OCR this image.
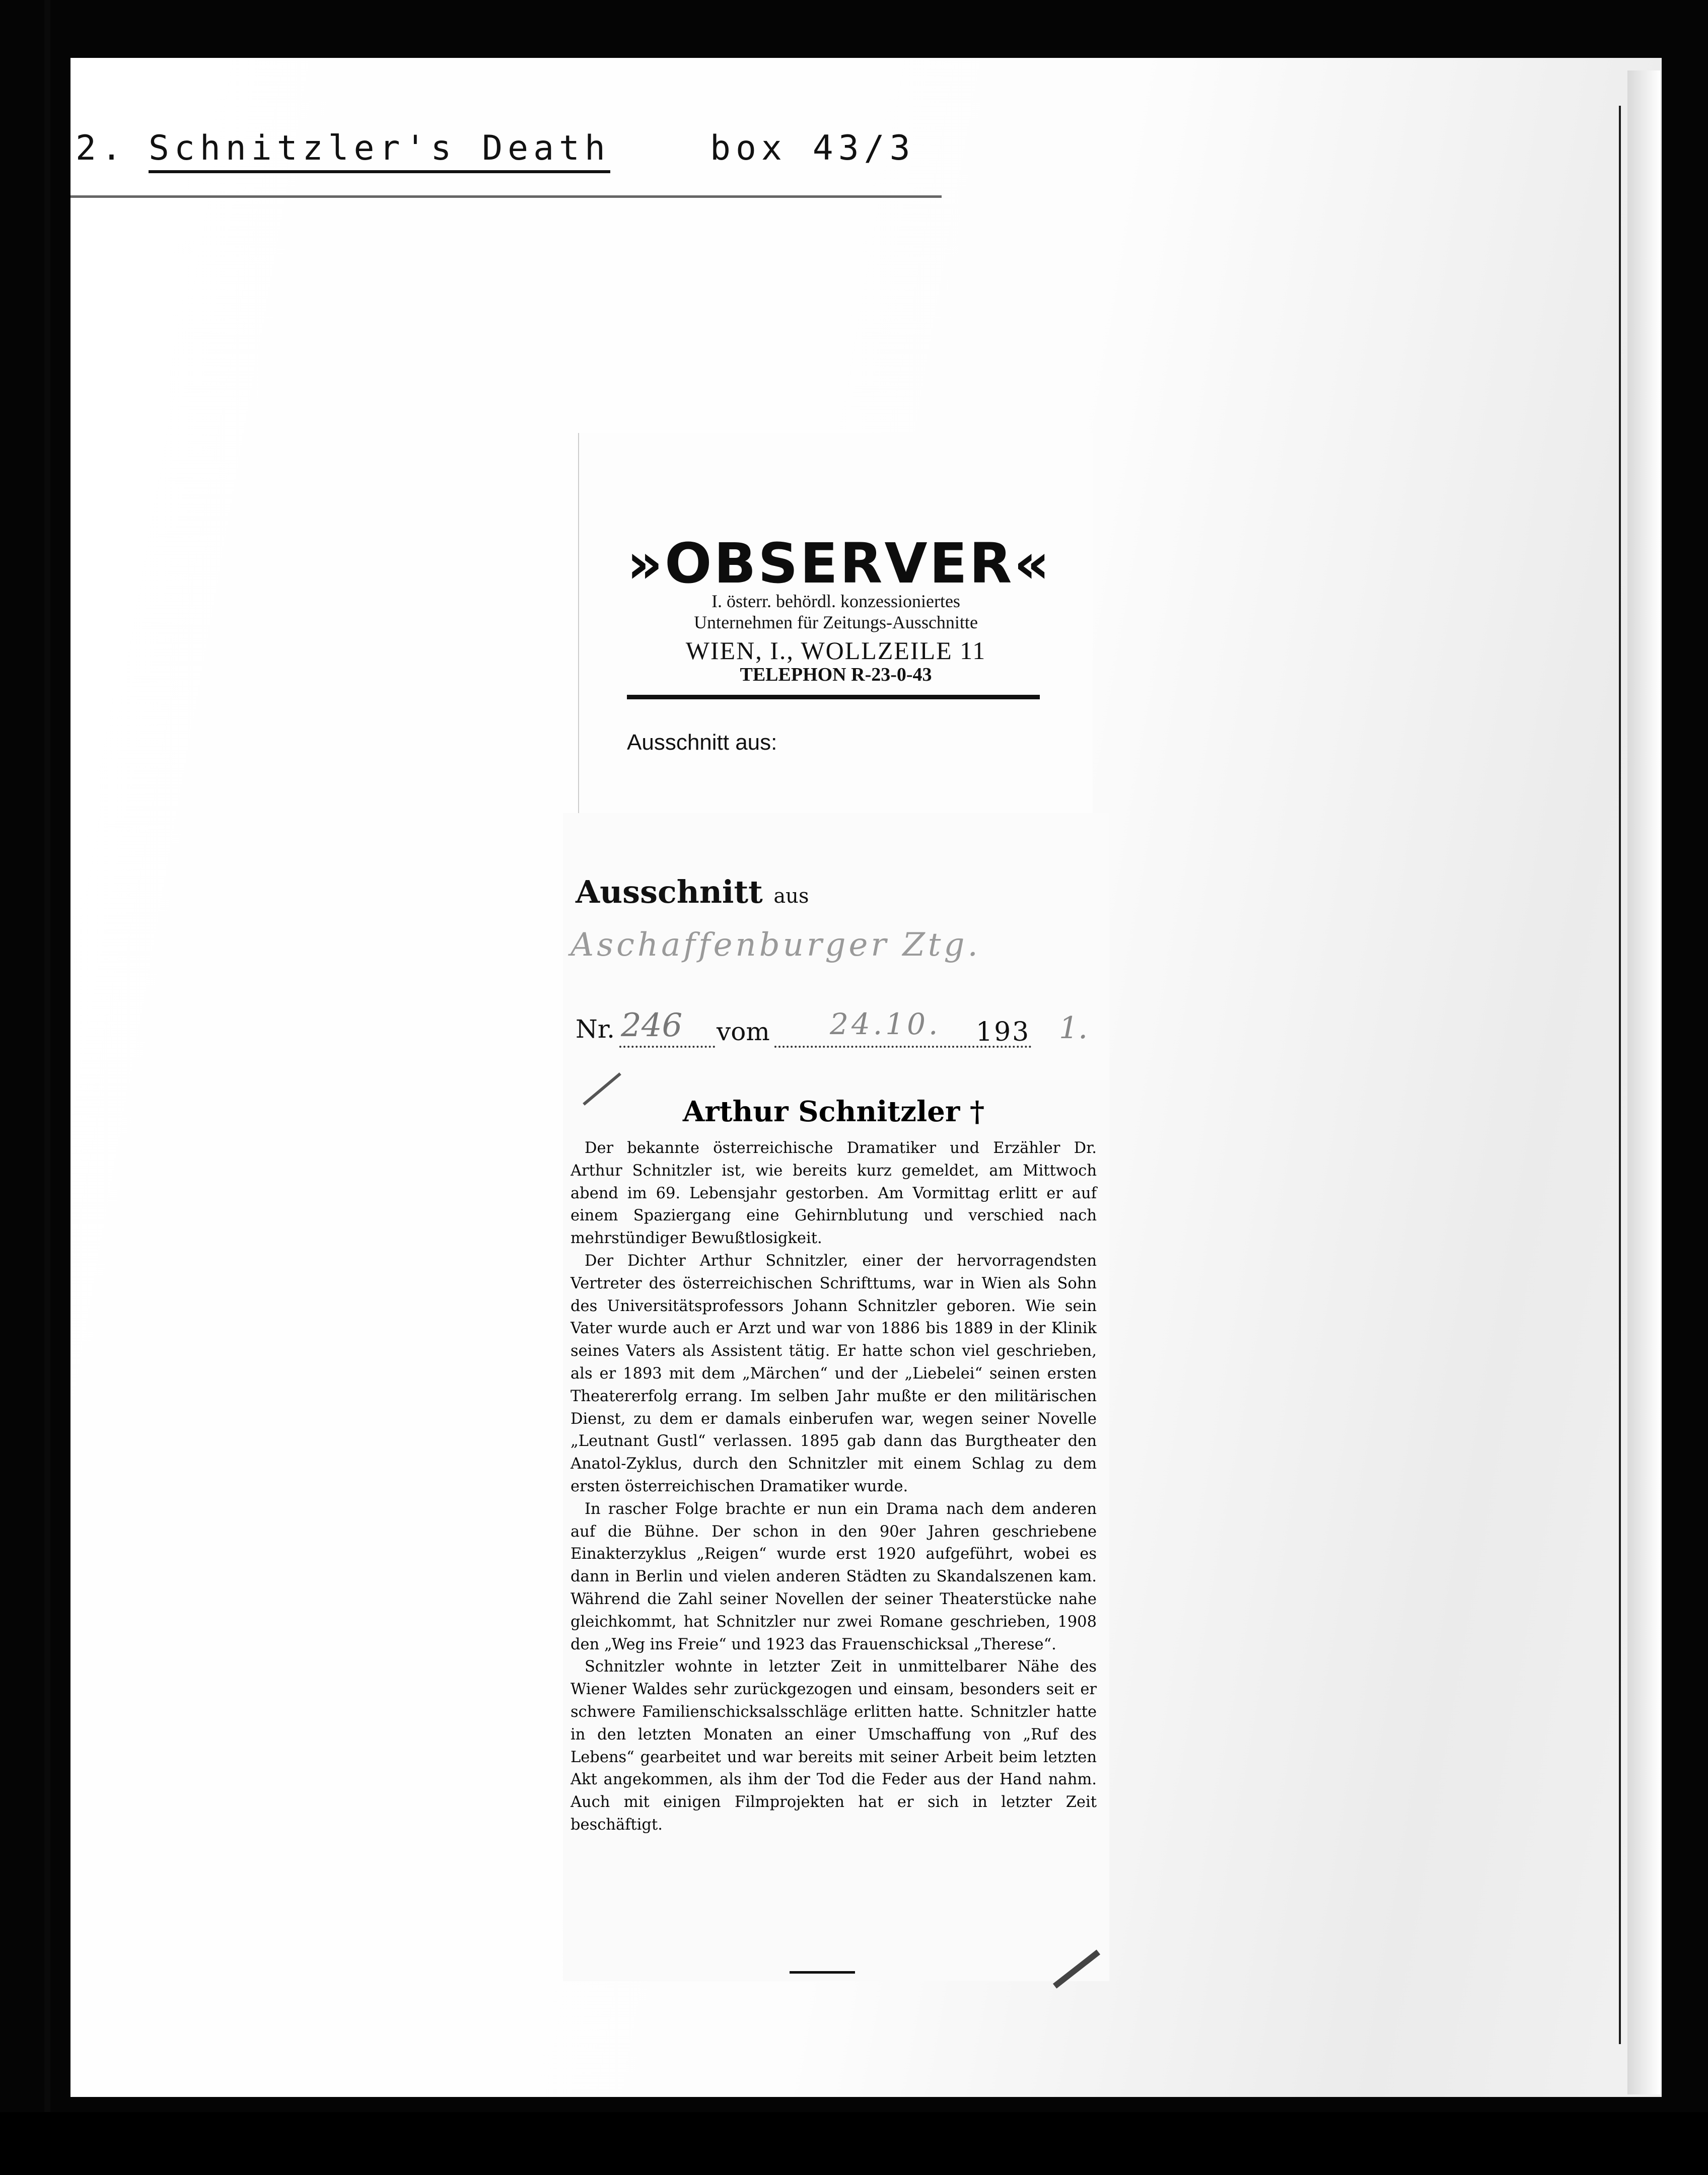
2. Schnitzler's Death	box 43/3
»OBSERVER«
I. österr. behördl. konzessioniertes
Unternehmen für Zeitungs-Ausschnitte
WIEN, I., WOLLZEILE 11
TELEPHON R-23-0-43
Ausschnitt aus:
Ausschnitt aus
Aschaffenburger Ztg.
Nr. 246 vom 24.10. 193 1.
Arthur Schnitzler †

Der bekannte österreichische Dramatiker und Erzähler Dr. Arthur Schnitzler ist, wie bereits kurz gemeldet, am Mittwoch abend im 69. Lebensjahr gestorben. Am Vormittag erlitt er auf einem Spaziergang eine Gehirnblutung und verschied nach mehrstündiger Bewußtlosigkeit.

Der Dichter Arthur Schnitzler, einer der hervorragendsten Vertreter des österreichischen Schrifttums, war in Wien als Sohn des Universitätsprofessors Johann Schnitzler geboren. Wie sein Vater wurde auch er Arzt und war von 1886 bis 1889 in der Klinik seines Vaters als Assistent tätig. Er hatte schon viel geschrieben, als er 1893 mit dem „Märchen“ und der „Liebelei“ seinen ersten Theatererfolg errang. Im selben Jahr mußte er den militärischen Dienst, zu dem er damals einberufen war, wegen seiner Novelle „Leutnant Gustl“ verlassen. 1895 gab dann das Burgtheater den Anatol-Zyklus, durch den Schnitzler mit einem Schlag zu dem ersten österreichischen Dramatiker wurde.

In rascher Folge brachte er nun ein Drama nach dem anderen auf die Bühne. Der schon in den 90er Jahren geschriebene Einakterzyklus „Reigen“ wurde erst 1920 aufgeführt, wobei es dann in Berlin und vielen anderen Städten zu Skandalszenen kam. Während die Zahl seiner Novellen der seiner Theaterstücke nahe gleichkommt, hat Schnitzler nur zwei Romane geschrieben, 1908 den „Weg ins Freie“ und 1923 das Frauenschicksal „Therese“.

Schnitzler wohnte in letzter Zeit in unmittelbarer Nähe des Wiener Waldes sehr zurückgezogen und einsam, besonders seit er schwere Familienschicksalsschläge erlitten hatte. Schnitzler hatte in den letzten Monaten an einer Umschaffung von „Ruf des Lebens“ gearbeitet und war bereits mit seiner Arbeit beim letzten Akt angekommen, als ihm der Tod die Feder aus der Hand nahm. Auch mit einigen Filmprojekten hat er sich in letzter Zeit beschäftigt.
